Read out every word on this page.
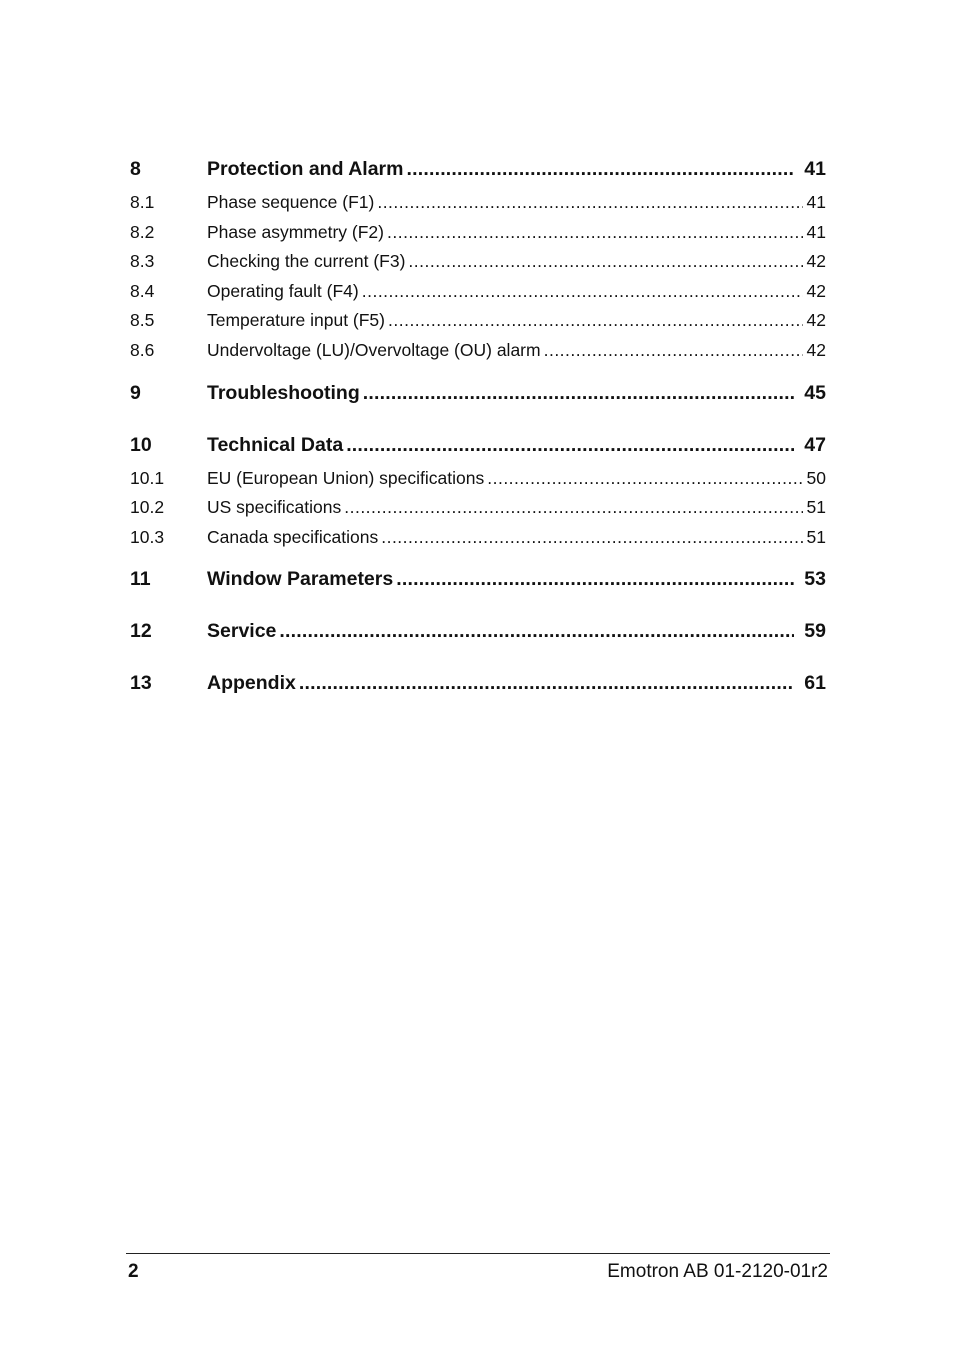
8	Protection and Alarm .....	41
8.1	Phase sequence (F1) .....	41
8.2	Phase asymmetry (F2) .....	41
8.3	Checking the current (F3) .....	42
8.4	Operating fault (F4) .....	42
8.5	Temperature input (F5) .....	42
8.6	Undervoltage (LU)/Overvoltage (OU) alarm .....	42
9	Troubleshooting .....	45
10	Technical Data .....	47
10.1	EU (European Union) specifications .....	50
10.2	US specifications .....	51
10.3	Canada specifications .....	51
11	Window Parameters .....	53
12	Service .....	59
13	Appendix .....	61
2	Emotron AB 01-2120-01r2
